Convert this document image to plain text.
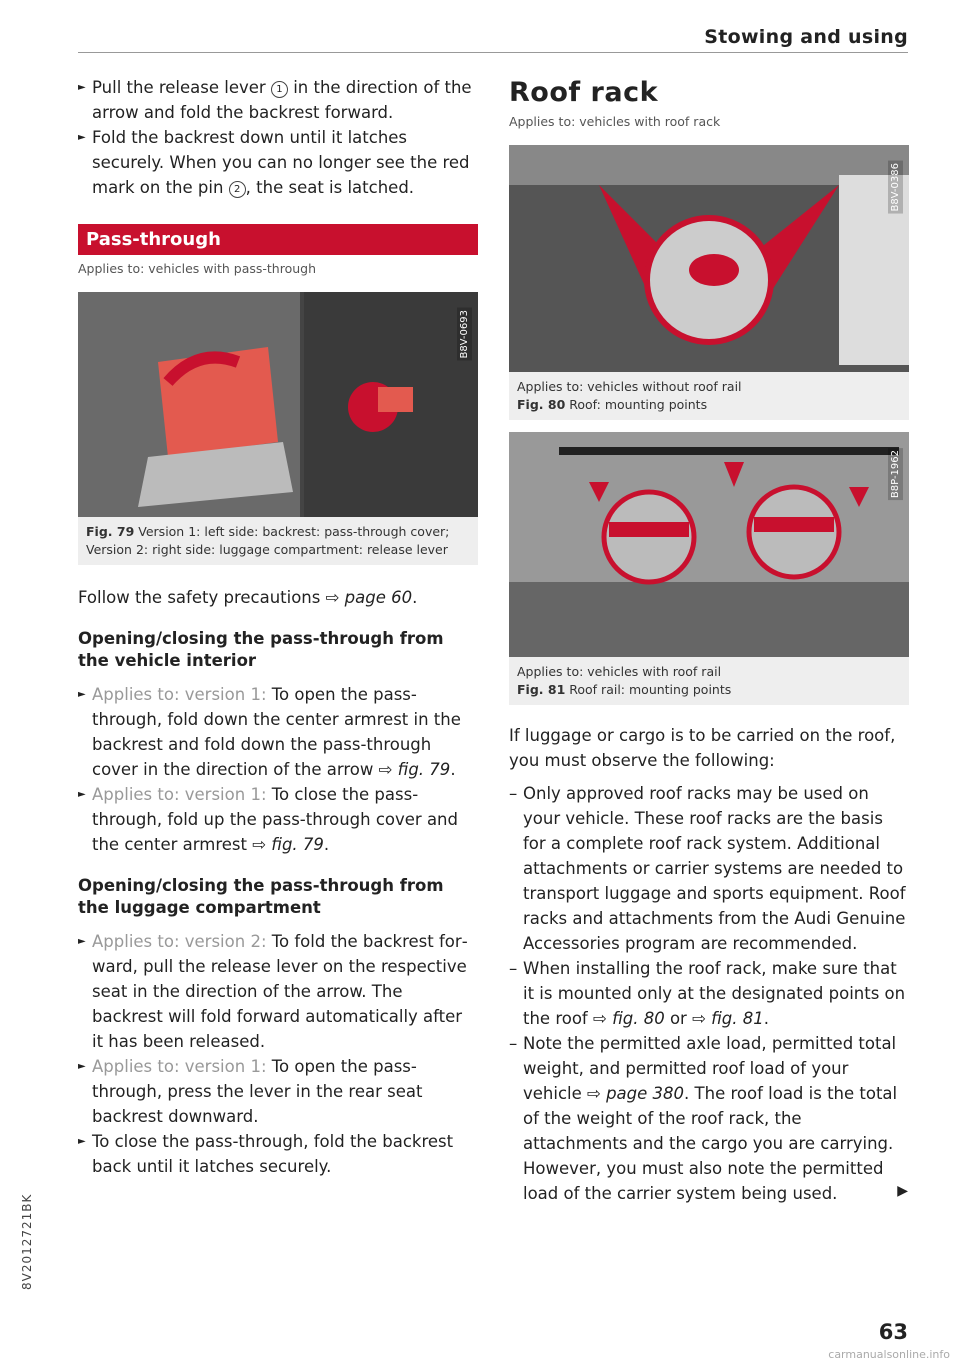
Stowing and using
8V2012721BK

► Pull the release lever 1 in the direction of the arrow and fold the backrest forward.

► Fold the backrest down until it latches securely. When you can no longer see the red mark on the pin 2 , the seat is latched.

Pass-through
Applies to: vehicles with pass-through
B8V-0693
Fig. 79 Version 1: left side: backrest: pass-through cover; Version 2: right side: luggage compartment: release lever

Follow the safety precautions ⇨ page 60.

Opening/closing the pass-through from the vehicle interior

► Applies to: version 1: To open the pass-through, fold down the center armrest in the backrest and fold down the pass-through cover in the direction of the arrow ⇨ fig. 79.

► Applies to: version 1: To close the pass-through, fold up the pass-through cover and the center armrest ⇨ fig. 79.

Opening/closing the pass-through from the luggage compartment

► Applies to: version 2: To fold the backrest forward, pull the release lever on the respective seat in the direction of the arrow. The backrest will fold forward automatically after it has been released.

► Applies to: version 1: To open the pass-through, press the lever in the rear seat backrest downward.

► To close the pass-through, fold the backrest back until it latches securely.

Roof rack
Applies to: vehicles with roof rack
B8V-0386
Applies to: vehicles without roof rail
Fig. 80 Roof: mounting points
B8P-1962
Applies to: vehicles with roof rail
Fig. 81 Roof rail: mounting points

If luggage or cargo is to be carried on the roof, you must observe the following:

– Only approved roof racks may be used on your vehicle. These roof racks are the basis for a complete roof rack system. Additional attachments or carrier systems are needed to transport luggage and sports equipment. Roof racks and attachments from the Audi Genuine Accessories program are recommended.

– When installing the roof rack, make sure that it is mounted only at the designated points on the roof ⇨ fig. 80 or ⇨ fig. 81.

– Note the permitted axle load, permitted total weight, and permitted roof load of your vehicle ⇨ page 380. The roof load is the total of the weight of the roof rack, the attachments and the cargo you are carrying. However, you must also note the permitted load of the carrier system being used.	▶
63
carmanualsonline.info
